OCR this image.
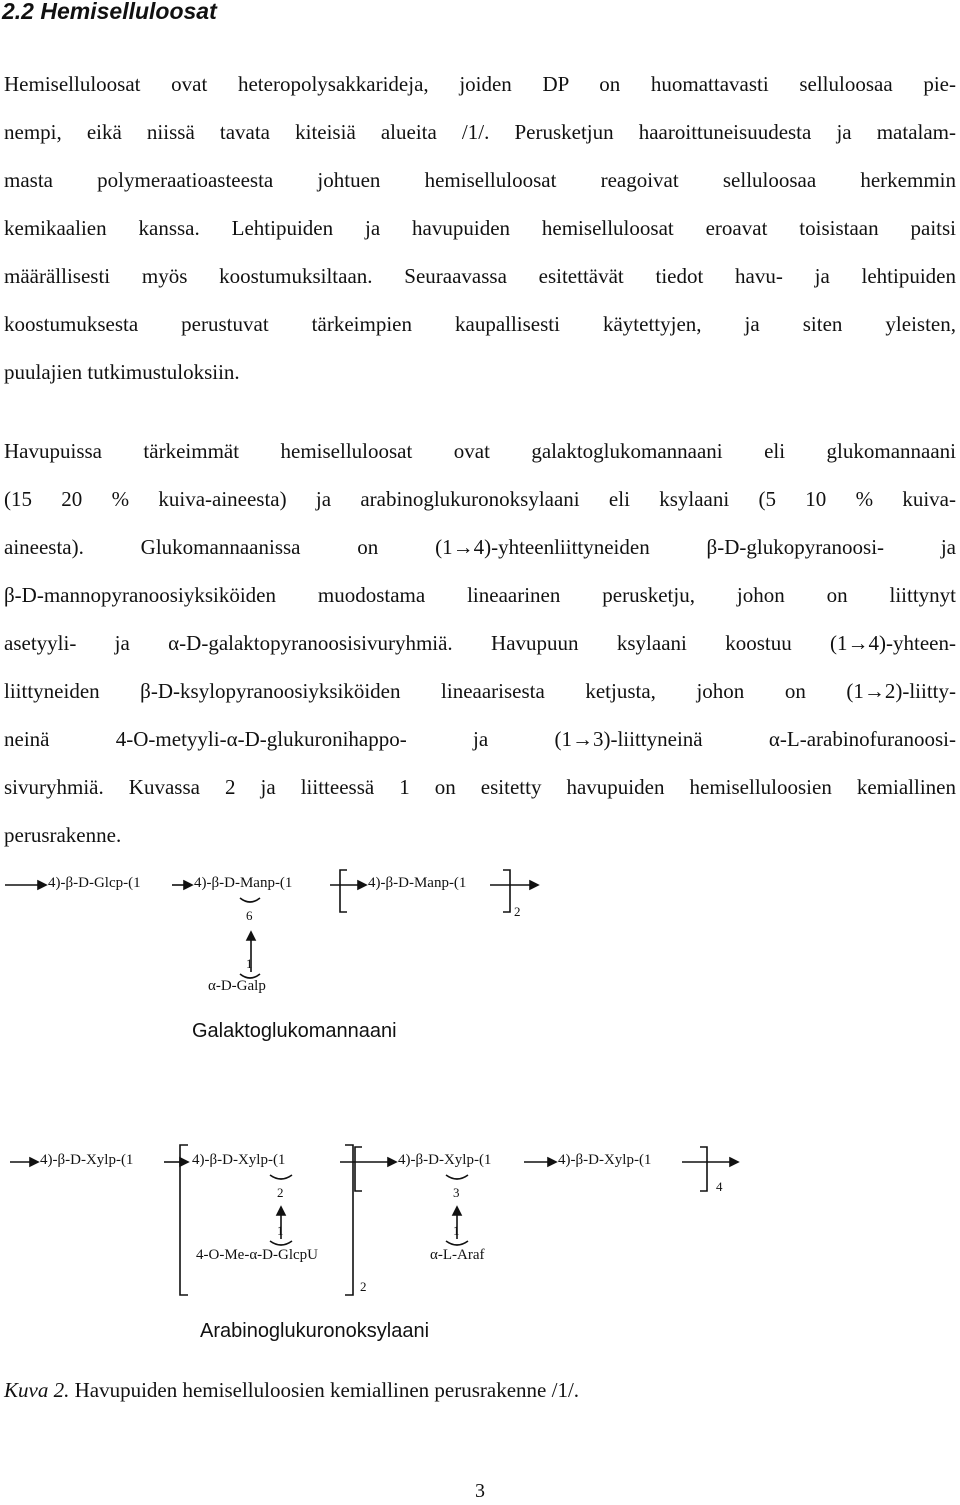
2.2 Hemiselluloosat
Hemiselluloosat ovat heteropolysakkarideja, joiden DP on huomattavasti selluloosaa pie-
nempi, eikä niissä tavata kiteisiä alueita /1/. Perusketjun haaroittuneisuudesta ja matalam-
masta polymeraatioasteesta johtuen hemiselluloosat reagoivat selluloosaa herkemmin
kemikaalien kanssa. Lehtipuiden ja havupuiden hemiselluloosat eroavat toisistaan paitsi
määrällisesti myös koostumuksiltaan. Seuraavassa esitettävät tiedot havu- ja lehtipuiden
koostumuksesta perustuvat tärkeimpien kaupallisesti käytettyjen, ja siten yleisten,
puulajien tutkimustuloksiin.
Havupuissa tärkeimmät hemiselluloosat ovat galaktoglukomannaani eli glukomannaani
(15 20 % kuiva-aineesta) ja arabinoglukuronoksylaani eli ksylaani (5 10 % kuiva-
aineesta). Glukomannaanissa on (1→4)-yhteenliittyneiden β-D-glukopyranoosi- ja
β-D-mannopyranoosiyksiköiden muodostama lineaarinen perusketju, johon on liittynyt
asetyyli- ja α-D-galaktopyranoosisivuryhmiä. Havupuun ksylaani koostuu (1→4)-yhteen-
liittyneiden β-D-ksylopyranoosiyksiköiden lineaarisesta ketjusta, johon on (1→2)-liitty-
neinä 4-O-metyyli-α-D-glukuronihappo- ja (1→3)-liittyneinä α-L-arabinofuranoosi-
sivuryhmiä. Kuvassa 2 ja liitteessä 1 on esitetty havupuiden hemiselluloosien kemiallinen
perusrakenne.
4)-β-D-Glcp-(1	4)-β-D-Manp-(1	4)-β-D-Manp-(1
6	2
1
α-D-Galp
Galaktoglukomannaani
4)-β-D-Xylp-(1	4)-β-D-Xylp-(1	4)-β-D-Xylp-(1	4)-β-D-Xylp-(1
2	3	4
1	1
4-O-Me-α-D-GlcpU	α-L-Araf
2
Arabinoglukuronoksylaani
Kuva 2. Havupuiden hemiselluloosien kemiallinen perusrakenne /1/.
3
